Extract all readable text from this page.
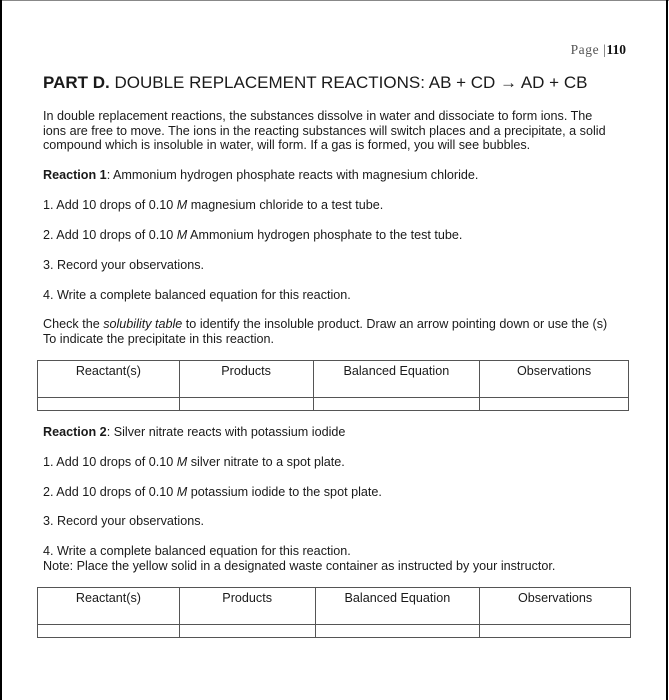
Page |110
PART D. DOUBLE REPLACEMENT REACTIONS: AB + CD → AD + CB
In double replacement reactions, the substances dissolve in water and dissociate to form ions. The
ions are free to move. The ions in the reacting substances will switch places and a precipitate, a solid
compound which is insoluble in water, will form. If a gas is formed, you will see bubbles.

Reaction 1: Ammonium hydrogen phosphate reacts with magnesium chloride.

1. Add 10 drops of 0.10 M magnesium chloride to a test tube.

2. Add 10 drops of 0.10 M Ammonium hydrogen phosphate to the test tube.

3. Record your observations.

4. Write a complete balanced equation for this reaction.

Check the solubility table to identify the insoluble product. Draw an arrow pointing down or use the (s)
To indicate the precipitate in this reaction.
Reactant(s)	Products	Balanced Equation	Observations

Reaction 2: Silver nitrate reacts with potassium iodide

1. Add 10 drops of 0.10 M silver nitrate to a spot plate.

2. Add 10 drops of 0.10 M potassium iodide to the spot plate.

3. Record your observations.

4. Write a complete balanced equation for this reaction.
Note: Place the yellow solid in a designated waste container as instructed by your instructor.
Reactant(s)	Products	Balanced Equation	Observations
